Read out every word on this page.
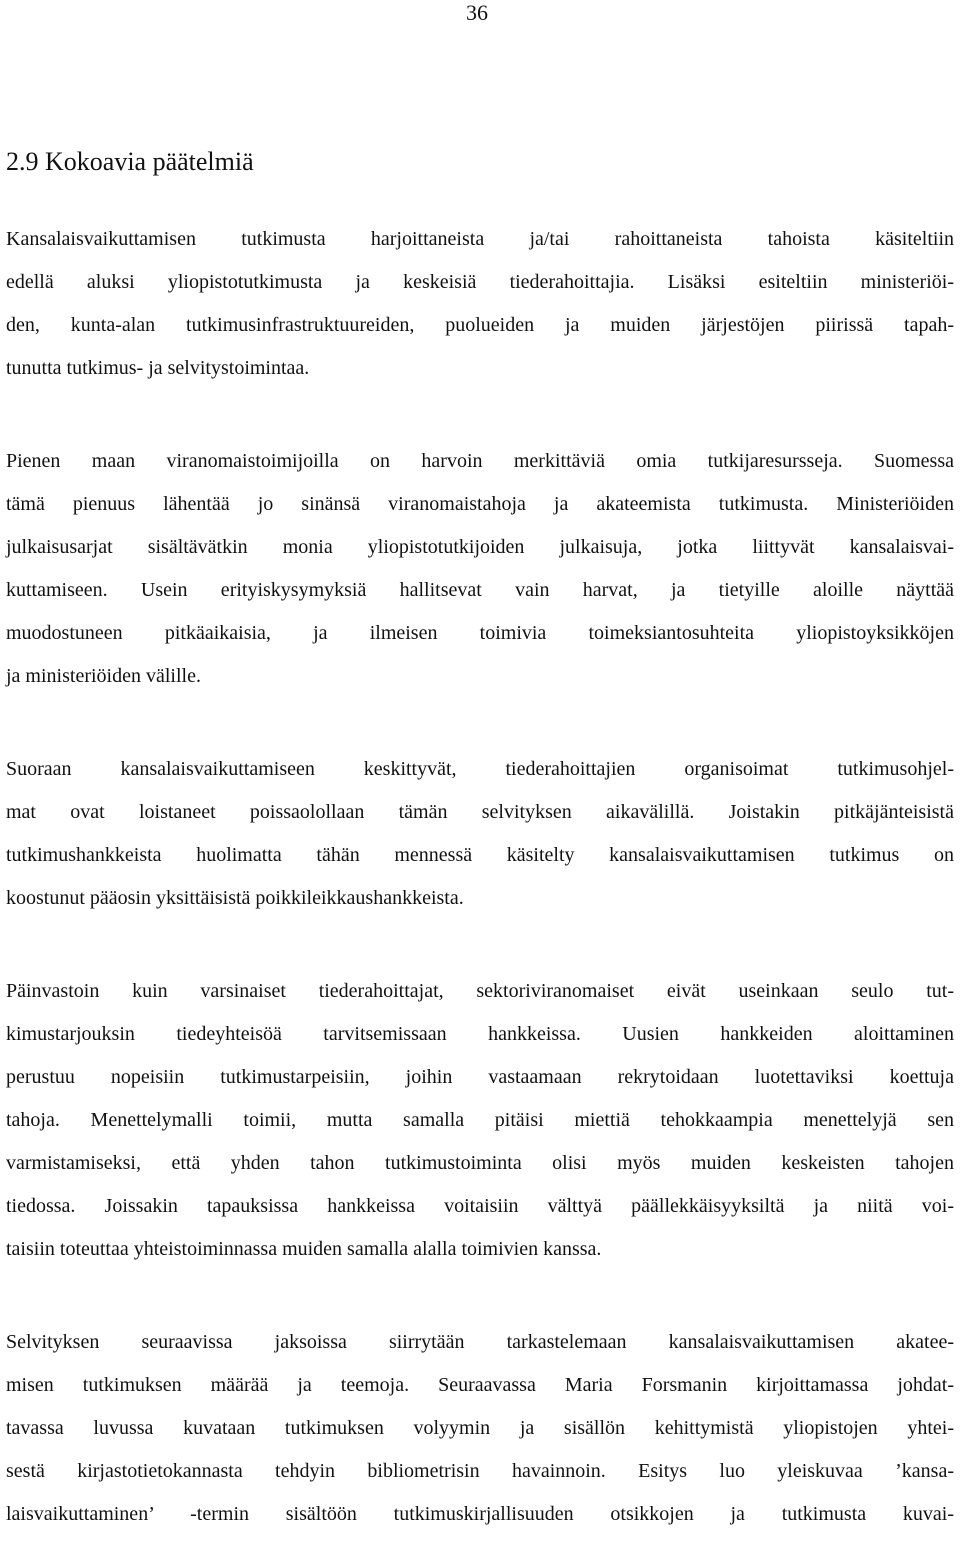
36
2.9 Kokoavia päätelmiä
Kansalaisvaikuttamisen tutkimusta harjoittaneista ja/tai rahoittaneista tahoista käsiteltiin
edellä aluksi yliopistotutkimusta ja keskeisiä tiederahoittajia. Lisäksi esiteltiin ministeriöi-
den, kunta-alan tutkimusinfrastruktuureiden, puolueiden ja muiden järjestöjen piirissä tapah-
tunutta tutkimus- ja selvitystoimintaa.
Pienen maan viranomaistoimijoilla on harvoin merkittäviä omia tutkijaresursseja. Suomessa
tämä pienuus lähentää jo sinänsä viranomaistahoja ja akateemista tutkimusta. Ministeriöiden
julkaisusarjat sisältävätkin monia yliopistotutkijoiden julkaisuja, jotka liittyvät kansalaisvai-
kuttamiseen. Usein erityiskysymyksiä hallitsevat vain harvat, ja tietyille aloille näyttää
muodostuneen pitkäaikaisia, ja ilmeisen toimivia toimeksiantosuhteita yliopistoyksikköjen
ja ministeriöiden välille.
Suoraan kansalaisvaikuttamiseen keskittyvät, tiederahoittajien organisoimat tutkimusohjel-
mat ovat loistaneet poissaolollaan tämän selvityksen aikavälillä. Joistakin pitkäjänteisistä
tutkimushankkeista huolimatta tähän mennessä käsitelty kansalaisvaikuttamisen tutkimus on
koostunut pääosin yksittäisistä poikkileikkaushankkeista.
Päinvastoin kuin varsinaiset tiederahoittajat, sektoriviranomaiset eivät useinkaan seulo tut-
kimustarjouksin tiedeyhteisöä tarvitsemissaan hankkeissa. Uusien hankkeiden aloittaminen
perustuu nopeisiin tutkimustarpeisiin, joihin vastaamaan rekrytoidaan luotettaviksi koettuja
tahoja. Menettelymalli toimii, mutta samalla pitäisi miettiä tehokkaampia menettelyjä sen
varmistamiseksi, että yhden tahon tutkimustoiminta olisi myös muiden keskeisten tahojen
tiedossa. Joissakin tapauksissa hankkeissa voitaisiin välttyä päällekkäisyyksiltä ja niitä voi-
taisiin toteuttaa yhteistoiminnassa muiden samalla alalla toimivien kanssa.
Selvityksen seuraavissa jaksoissa siirrytään tarkastelemaan kansalaisvaikuttamisen akatee-
misen tutkimuksen määrää ja teemoja. Seuraavassa Maria Forsmanin kirjoittamassa johdat-
tavassa luvussa kuvataan tutkimuksen volyymin ja sisällön kehittymistä yliopistojen yhtei-
sestä kirjastotietokannasta tehdyin bibliometrisin havainnoin. Esitys luo yleiskuvaa ’kansa-
laisvaikuttaminen’ -termin sisältöön tutkimuskirjallisuuden otsikkojen ja tutkimusta kuvai-
